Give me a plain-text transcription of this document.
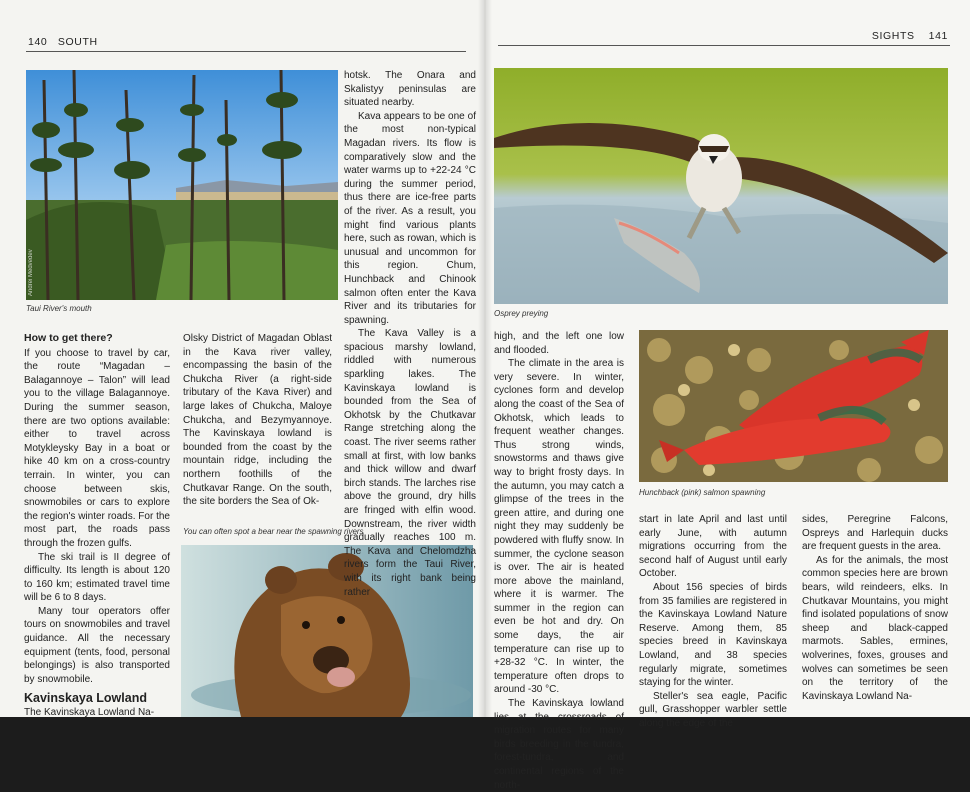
140 SOUTH
Andrei Medvedev
Taui River's mouth
How to get there?

If you choose to travel by car, the route “Magadan – Balagannoye – Talon” will lead you to the village Balagannoye. During the summer season, there are two options available: either to travel across Motykleysky Bay in a boat or hike 40 km on a cross-country terrain. In winter, you can choose between skis, snowmobiles or cars to explore the region's winter roads. For the most part, the roads pass through the frozen gulfs.

The ski trail is II degree of difficulty. Its length is about 120 to 160 km; estimated travel time will be 6 to 8 days.

Many tour operators offer tours on snowmobiles and travel guidance. All the necessary equipment (tents, food, personal belongings) is also transported by snowmobile.

Kavinskaya Lowland

The Kavinskaya Lowland Na-

Olsky District of Magadan Oblast in the Kava river valley, encompassing the basin of the Chukcha River (a right-side tributary of the Kava River) and large lakes of Chukcha, Maloye Chukcha, and Bezymyannoye. The Kavinskaya lowland is bounded from the coast by the mountain ridge, including the northern foothills of the Chutkavar Range. On the south, the site borders the Sea of Ok-

You can often spot a bear near the spawning rivers

hotsk. The Onara and Skalistyy peninsulas are situated nearby.

Kava appears to be one of the most non-typical Magadan rivers. Its flow is comparatively slow and the water warms up to +22-24 °C during the summer period, thus there are ice-free parts of the river. As a result, you might find various plants here, such as rowan, which is unusual and uncommon for this region. Chum, Hunchback and Chinook salmon often enter the Kava River and its tributaries for spawning.

The Kava Valley is a spacious marshy lowland, riddled with numerous sparkling lakes. The Kavinskaya lowland is bounded from the Sea of Okhotsk by the Chutkavar Range stretching along the coast. The river seems rather small at first, with low banks and thick willow and dwarf birch stands. The larches rise above the ground, dry hills are fringed with elfin wood. Downstream, the river width gradually reaches 100 m. The Kava and Chelomdzha rivers form the Taui River, with its right bank being rather

SIGHTS 141
Osprey preying
Hunchback (pink) salmon spawning

high, and the left one low and flooded.

The climate in the area is very severe. In winter, cyclones form and develop along the coast of the Sea of Okhotsk, which leads to frequent weather changes. Thus strong winds, snowstorms and thaws give way to bright frosty days. In the autumn, you may catch a glimpse of the trees in the green attire, and during one night they may suddenly be powdered with fluffy snow. In summer, the cyclone season is over. The air is heated more above the mainland, where it is warmer. The summer in the region can even be hot and dry. On some days, the air temperature can rise up to +28-32 °C. In winter, the temperature often drops to around -30 °C.

The Kavinskaya lowland lies at the crossroads of migration routes for many birds breeding in the tundra, forest-tundra, and continental regions of the north-

start in late April and last until early June, with autumn migrations occurring from the second half of August until early October.

About 156 species of birds from 35 families are registered in the Kavinskaya Lowland Nature Reserve. Among them, 85 species breed in Kavinskaya Lowland, and 38 species regularly migrate, sometimes staying for the winter.

Steller's sea eagle, Pacific gull, Grasshopper warbler settle along the edge of the

sides, Peregrine Falcons, Ospreys and Harlequin ducks are frequent guests in the area.

As for the animals, the most common species here are brown bears, wild reindeers, elks. In Chutkavar Mountains, you might find isolated populations of snow sheep and black-capped marmots. Sables, ermines, wolverines, foxes, grouses and wolves can sometimes be seen on the territory of the Kavinskaya Lowland Na-
